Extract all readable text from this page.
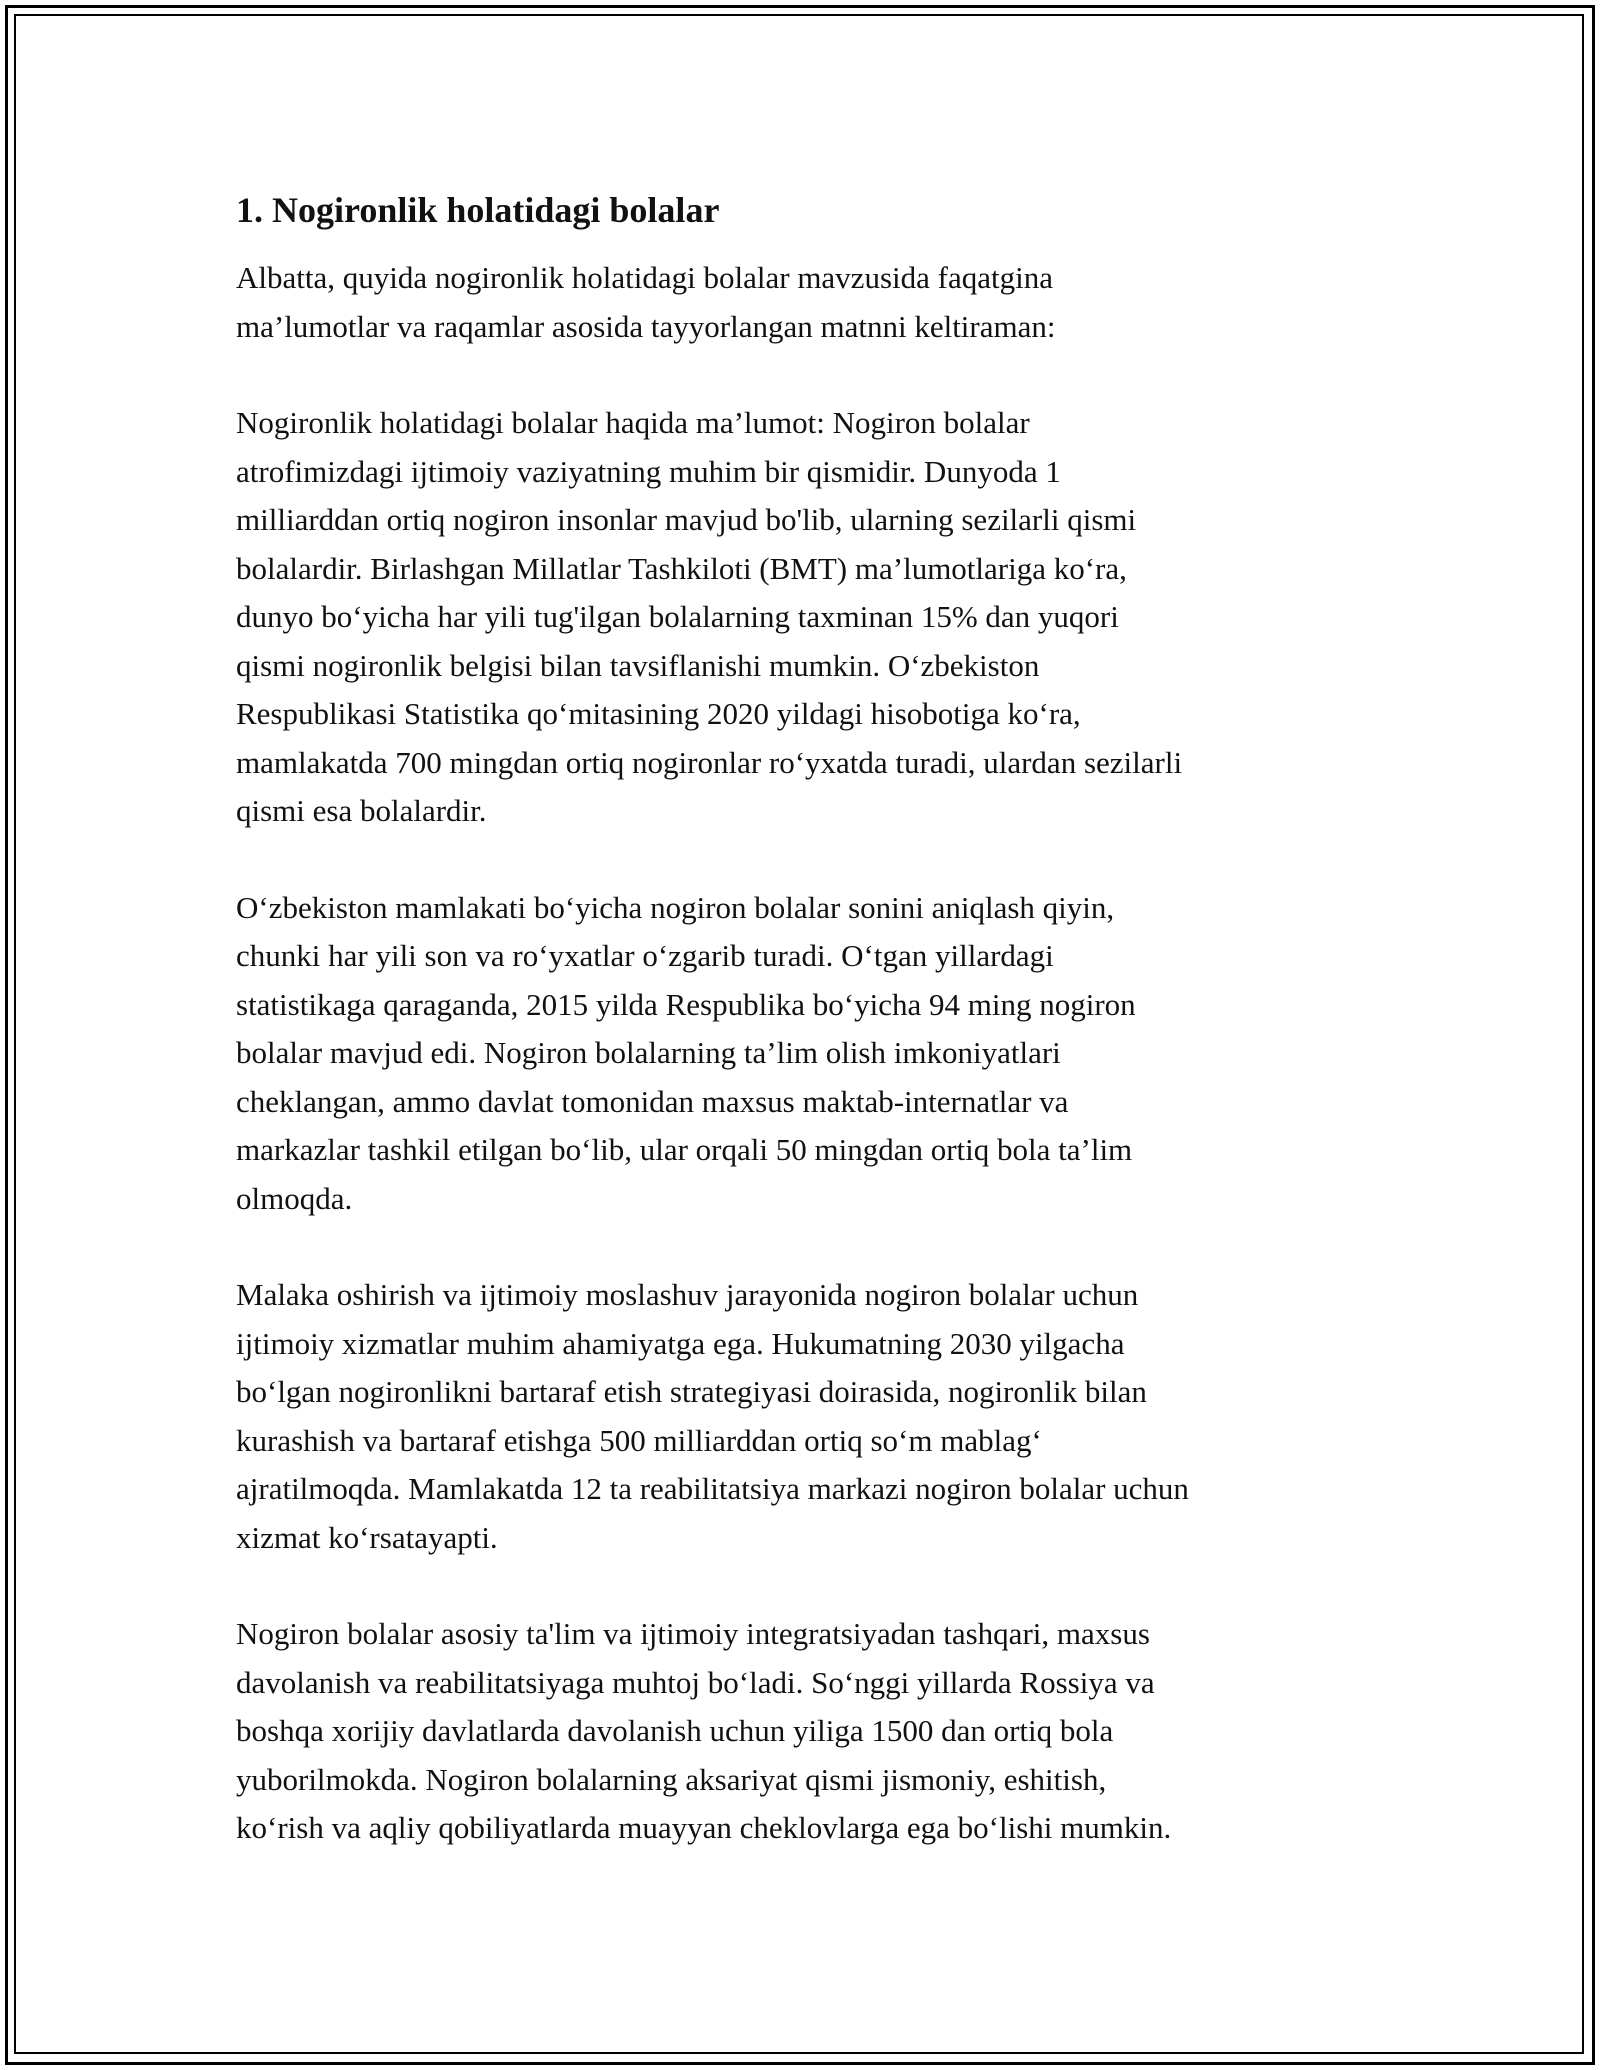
1. Nogironlik holatidagi bolalar

Albatta, quyida nogironlik holatidagi bolalar mavzusida faqatgina
ma’lumotlar va raqamlar asosida tayyorlangan matnni keltiraman:

Nogironlik holatidagi bolalar haqida ma’lumot: Nogiron bolalar
atrofimizdagi ijtimoiy vaziyatning muhim bir qismidir. Dunyoda 1
milliarddan ortiq nogiron insonlar mavjud bo'lib, ularning sezilarli qismi
bolalardir. Birlashgan Millatlar Tashkiloti (BMT) ma’lumotlariga ko‘ra,
dunyo bo‘yicha har yili tug'ilgan bolalarning taxminan 15% dan yuqori
qismi nogironlik belgisi bilan tavsiflanishi mumkin. O‘zbekiston
Respublikasi Statistika qo‘mitasining 2020 yildagi hisobotiga ko‘ra,
mamlakatda 700 mingdan ortiq nogironlar ro‘yxatda turadi, ulardan sezilarli
qismi esa bolalardir.

O‘zbekiston mamlakati bo‘yicha nogiron bolalar sonini aniqlash qiyin,
chunki har yili son va ro‘yxatlar o‘zgarib turadi. O‘tgan yillardagi
statistikaga qaraganda, 2015 yilda Respublika bo‘yicha 94 ming nogiron
bolalar mavjud edi. Nogiron bolalarning ta’lim olish imkoniyatlari
cheklangan, ammo davlat tomonidan maxsus maktab-internatlar va
markazlar tashkil etilgan bo‘lib, ular orqali 50 mingdan ortiq bola ta’lim
olmoqda.

Malaka oshirish va ijtimoiy moslashuv jarayonida nogiron bolalar uchun
ijtimoiy xizmatlar muhim ahamiyatga ega. Hukumatning 2030 yilgacha
bo‘lgan nogironlikni bartaraf etish strategiyasi doirasida, nogironlik bilan
kurashish va bartaraf etishga 500 milliarddan ortiq so‘m mablag‘
ajratilmoqda. Mamlakatda 12 ta reabilitatsiya markazi nogiron bolalar uchun
xizmat ko‘rsatayapti.

Nogiron bolalar asosiy ta'lim va ijtimoiy integratsiyadan tashqari, maxsus
davolanish va reabilitatsiyaga muhtoj bo‘ladi. So‘nggi yillarda Rossiya va
boshqa xorijiy davlatlarda davolanish uchun yiliga 1500 dan ortiq bola
yuborilmokda. Nogiron bolalarning aksariyat qismi jismoniy, eshitish,
ko‘rish va aqliy qobiliyatlarda muayyan cheklovlarga ega bo‘lishi mumkin.
